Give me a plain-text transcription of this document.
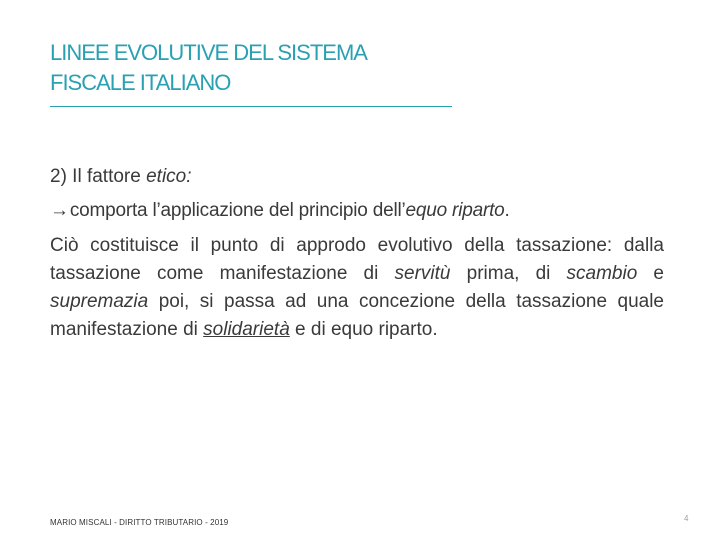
LINEE EVOLUTIVE DEL SISTEMA
FISCALE ITALIANO

2) Il fattore etico:

→comporta l’applicazione del principio dell’equo riparto.

Ciò costituisce il punto di approdo evolutivo della tassazione: dalla tassazione come manifestazione di servitù prima, di scambio e supremazia poi, si passa ad una concezione della tassazione quale manifestazione di solidarietà e di equo riparto.

MARIO MISCALI - DIRITTO TRIBUTARIO - 2019	4
